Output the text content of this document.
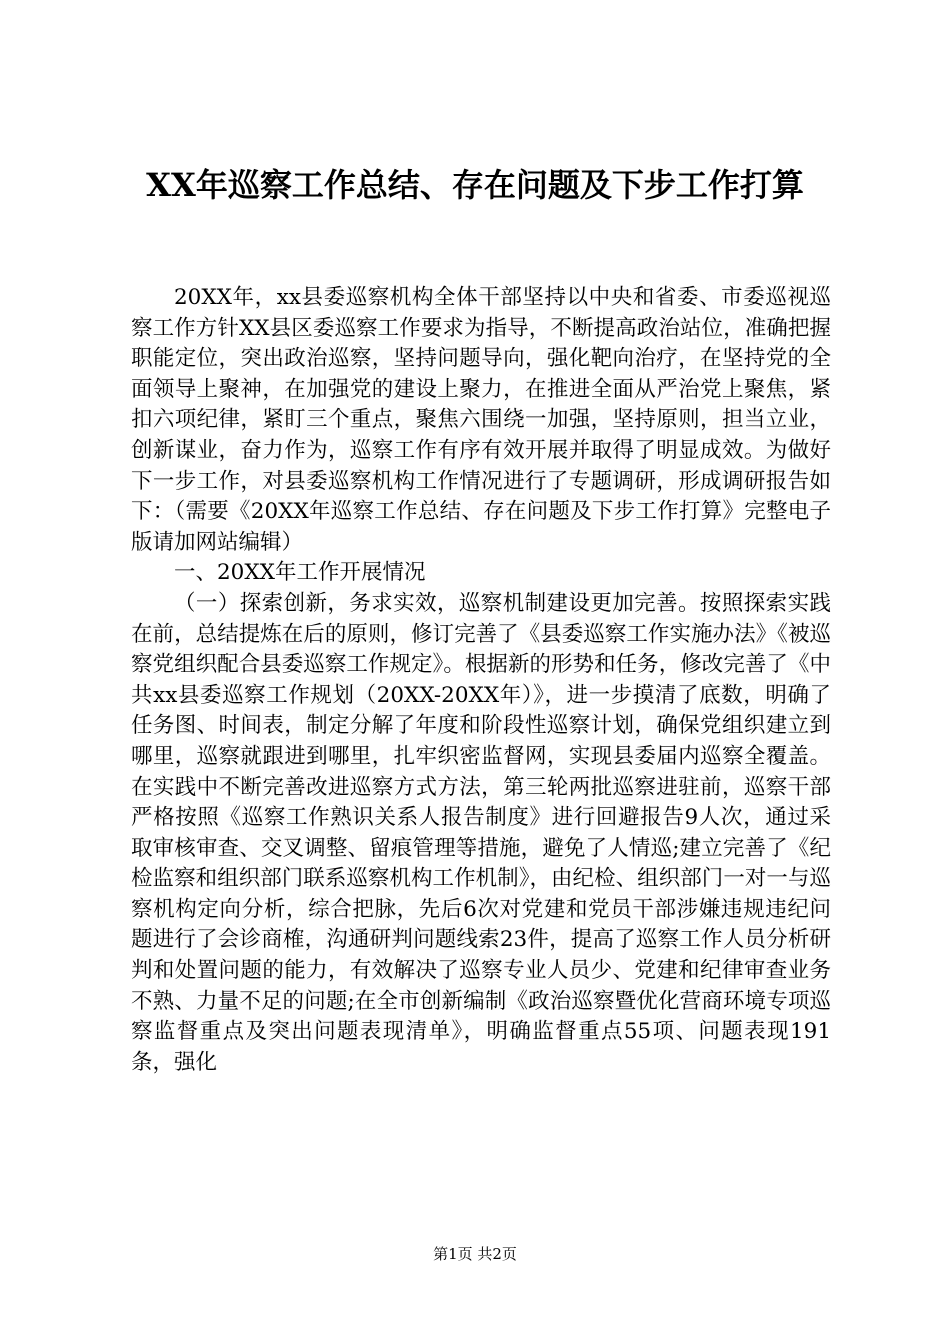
XX年巡察工作总结、存在问题及下步工作打算

20XX年，xx县委巡察机构全体干部坚持以中央和省委、市委巡视巡察工作方针XX县区委巡察工作要求为指导，不断提高政治站位，准确把握职能定位，突出政治巡察，坚持问题导向，强化靶向治疗，在坚持党的全面领导上聚神，在加强党的建设上聚力，在推进全面从严治党上聚焦，紧扣六项纪律，紧盯三个重点，聚焦六围绕一加强，坚持原则，担当立业，创新谋业，奋力作为，巡察工作有序有效开展并取得了明显成效。为做好下一步工作，对县委巡察机构工作情况进行了专题调研，形成调研报告如下：（需要《20XX年巡察工作总结、存在问题及下步工作打算》完整电子版请加网站编辑）

一、20XX年工作开展情况

（一）探索创新，务求实效，巡察机制建设更加完善。按照探索实践在前，总结提炼在后的原则，修订完善了《县委巡察工作实施办法》《被巡察党组织配合县委巡察工作规定》。根据新的形势和任务，修改完善了《中共xx县委巡察工作规划（20XX-20XX年）》，进一步摸清了底数，明确了任务图、时间表，制定分解了年度和阶段性巡察计划，确保党组织建立到哪里，巡察就跟进到哪里，扎牢织密监督网，实现县委届内巡察全覆盖。在实践中不断完善改进巡察方式方法，第三轮两批巡察进驻前，巡察干部严格按照《巡察工作熟识关系人报告制度》进行回避报告9人次，通过采取审核审查、交叉调整、留痕管理等措施，避免了人情巡;建立完善了《纪检监察和组织部门联系巡察机构工作机制》，由纪检、组织部门一对一与巡察机构定向分析，综合把脉，先后6次对党建和党员干部涉嫌违规违纪问题进行了会诊商榷，沟通研判问题线索23件，提高了巡察工作人员分析研判和处置问题的能力，有效解决了巡察专业人员少、党建和纪律审查业务不熟、力量不足的问题;在全市创新编制《政治巡察暨优化营商环境专项巡察监督重点及突出问题表现清单》，明确监督重点55项、问题表现191条，强化

第1页 共2页
